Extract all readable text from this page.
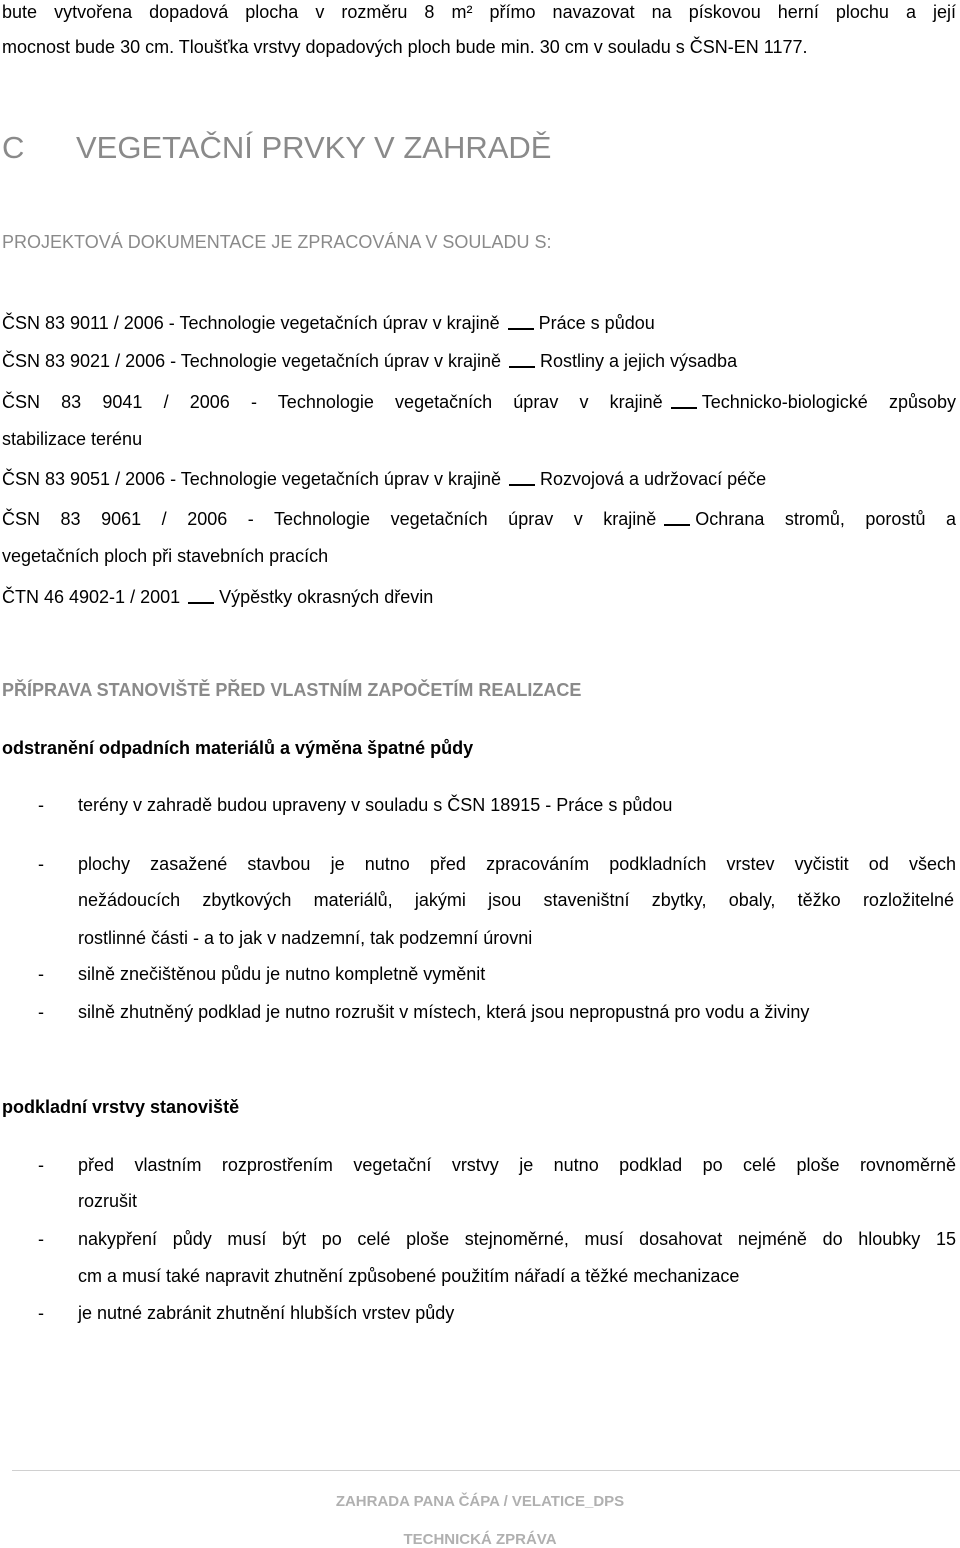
bute vytvořena dopadová plocha v rozměru 8 m² přímo navazovat na pískovou herní plochu a její
mocnost bude 30 cm. Tloušťka vrstvy dopadových ploch bude min. 30 cm v souladu s ČSN-EN 1177.
C VEGETAČNÍ PRVKY V ZAHRADĚ
PROJEKTOVÁ DOKUMENTACE JE ZPRACOVÁNA V SOULADU S:
ČSN 83 9011 / 2006 - Technologie vegetačních úprav v krajině Práce s půdou
ČSN 83 9021 / 2006 - Technologie vegetačních úprav v krajině Rostliny a jejich výsadba
ČSN 83 9041 / 2006 - Technologie vegetačních úprav v krajině Technicko-biologické způsoby
stabilizace terénu
ČSN 83 9051 / 2006 - Technologie vegetačních úprav v krajině Rozvojová a udržovací péče
ČSN 83 9061 / 2006 - Technologie vegetačních úprav v krajině Ochrana stromů, porostů a
vegetačních ploch při stavebních pracích
ČTN 46 4902-1 / 2001 Výpěstky okrasných dřevin
PŘÍPRAVA STANOVIŠTĚ PŘED VLASTNÍM ZAPOČETÍM REALIZACE
odstranění odpadních materiálů a výměna špatné půdy
- terény v zahradě budou upraveny v souladu s ČSN 18915 - Práce s půdou
- plochy zasažené stavbou je nutno před zpracováním podkladních vrstev vyčistit od všech
nežádoucích zbytkových materiálů, jakými jsou staveništní zbytky, obaly, těžko rozložitelné
rostlinné části - a to jak v nadzemní, tak podzemní úrovni
- silně znečištěnou půdu je nutno kompletně vyměnit
- silně zhutněný podklad je nutno rozrušit v místech, která jsou nepropustná pro vodu a živiny
podkladní vrstvy stanoviště
- před vlastním rozprostřením vegetační vrstvy je nutno podklad po celé ploše rovnoměrně
rozrušit
- nakypření půdy musí být po celé ploše stejnoměrné, musí dosahovat nejméně do hloubky 15
cm a musí také napravit zhutnění způsobené použitím nářadí a těžké mechanizace
- je nutné zabránit zhutnění hlubších vrstev půdy
ZAHRADA PANA ČÁPA / VELATICE_DPS
TECHNICKÁ ZPRÁVA
